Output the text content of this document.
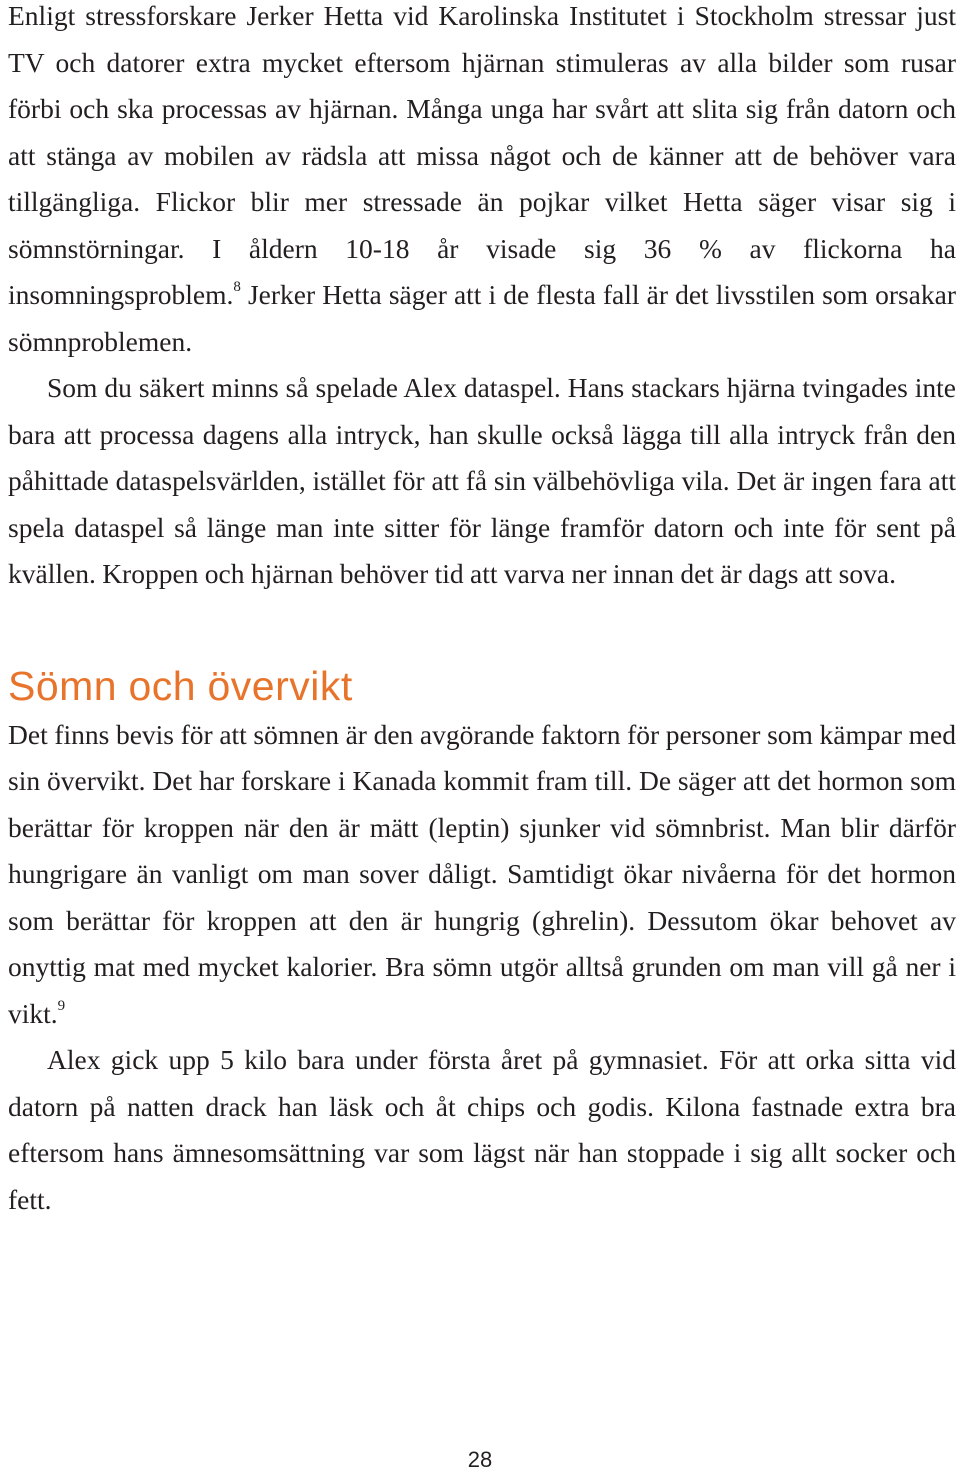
Enligt stressforskare Jerker Hetta vid Karolinska Institutet i Stockholm stressar just TV och datorer extra mycket eftersom hjärnan stimuleras av alla bilder som rusar förbi och ska processas av hjärnan. Många unga har svårt att slita sig från datorn och att stänga av mobilen av rädsla att missa något och de känner att de behöver vara tillgängliga. Flickor blir mer stressade än pojkar vilket Hetta säger visar sig i sömnstörningar. I åldern 10-18 år visade sig 36 % av flickorna ha insomningsproblem.$^8$ Jerker Hetta säger att i de flesta fall är det livsstilen som orsakar sömnproblemen.

Som du säkert minns så spelade Alex dataspel. Hans stackars hjärna tvingades inte bara att processa dagens alla intryck, han skulle också lägga till alla intryck från den påhittade dataspelsvärlden, istället för att få sin välbehövliga vila. Det är ingen fara att spela dataspel så länge man inte sitter för länge framför datorn och inte för sent på kvällen. Kroppen och hjärnan behöver tid att varva ner innan det är dags att sova.

Sömn och övervikt

Det finns bevis för att sömnen är den avgörande faktorn för personer som kämpar med sin övervikt. Det har forskare i Kanada kommit fram till. De säger att det hormon som berättar för kroppen när den är mätt (leptin) sjunker vid sömnbrist. Man blir därför hungrigare än vanligt om man sover dåligt. Samtidigt ökar nivåerna för det hormon som berättar för kroppen att den är hungrig (ghrelin). Dessutom ökar behovet av onyttig mat med mycket kalorier. Bra sömn utgör alltså grunden om man vill gå ner i vikt.$^9$

Alex gick upp 5 kilo bara under första året på gymnasiet. För att orka sitta vid datorn på natten drack han läsk och åt chips och godis. Kilona fastnade extra bra eftersom hans ämnesomsättning var som lägst när han stoppade i sig allt socker och fett.

28
